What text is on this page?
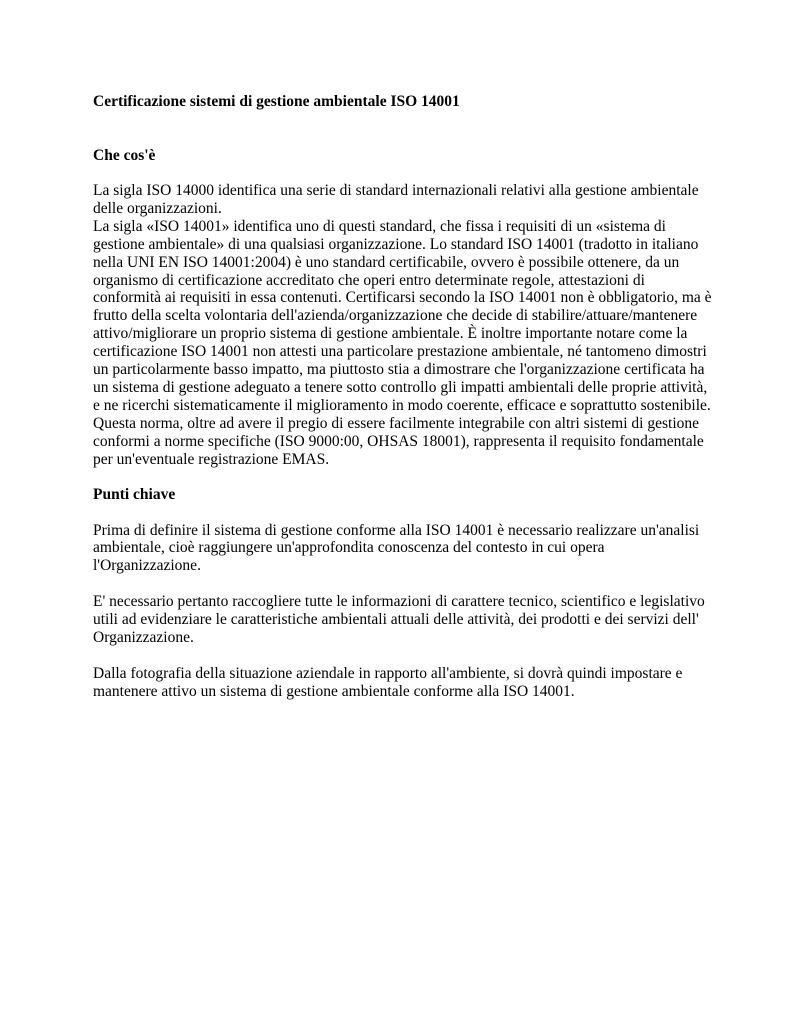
Certificazione sistemi di gestione ambientale ISO 14001

Che cos'è

La sigla ISO 14000 identifica una serie di standard internazionali relativi alla gestione ambientale delle organizzazioni.

La sigla «ISO 14001» identifica uno di questi standard, che fissa i requisiti di un «sistema di gestione ambientale» di una qualsiasi organizzazione. Lo standard ISO 14001 (tradotto in italiano nella UNI EN ISO 14001:2004) è uno standard certificabile, ovvero è possibile ottenere, da un organismo di certificazione accreditato che operi entro determinate regole, attestazioni di conformità ai requisiti in essa contenuti. Certificarsi secondo la ISO 14001 non è obbligatorio, ma è frutto della scelta volontaria dell'azienda/organizzazione che decide di stabilire/attuare/mantenere attivo/migliorare un proprio sistema di gestione ambientale. È inoltre importante notare come la certificazione ISO 14001 non attesti una particolare prestazione ambientale, né tantomeno dimostri un particolarmente basso impatto, ma piuttosto stia a dimostrare che l'organizzazione certificata ha un sistema di gestione adeguato a tenere sotto controllo gli impatti ambientali delle proprie attività, e ne ricerchi sistematicamente il miglioramento in modo coerente, efficace e soprattutto sostenibile.

Questa norma, oltre ad avere il pregio di essere facilmente integrabile con altri sistemi di gestione conformi a norme specifiche (ISO 9000:00, OHSAS 18001), rappresenta il requisito fondamentale per un'eventuale registrazione EMAS.

Punti chiave

Prima di definire il sistema di gestione conforme alla ISO 14001 è necessario realizzare un'analisi ambientale, cioè raggiungere un'approfondita conoscenza del contesto in cui opera l'Organizzazione.

E' necessario pertanto raccogliere tutte le informazioni di carattere tecnico, scientifico e legislativo utili ad evidenziare le caratteristiche ambientali attuali delle attività, dei prodotti e dei servizi dell' Organizzazione.

Dalla fotografia della situazione aziendale in rapporto all'ambiente, si dovrà quindi impostare e mantenere attivo un sistema di gestione ambientale conforme alla ISO 14001.
